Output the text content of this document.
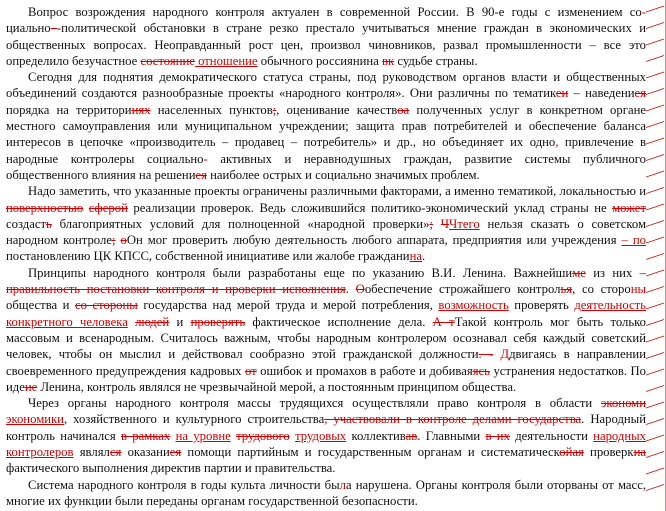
Вопрос возрождения народного контроля актуален в современной России. В 90-е годы с изменением со-циально–-политической обстановки в стране резко престало учитываться мнение граждан в экономических и общественных вопросах. Неоправданный рост цен, произвол чиновников, развал промышленности – все это определило безучастное состояние отношение обычного россиянина вк судьбе страны.

Сегодня для поднятия демократического статуса страны, под руководством органов власти и общественных объединений создаются разнообразные проекты «народного контроля». Они различны по тематикеи – наведениея порядка на территорииях населенных пунктов;, оценивание качествоа полученных услуг в конкретном органе местного самоуправления или муниципальном учреждении; защита прав потребителей и обеспечение баланса интересов в цепочке «производитель – продавец – потребитель» и др., но объединяет их одно, привлечение в народные контролеры социально- активных и неравнодушных граждан, развитие системы публичного общественного влияния на решениея наиболее острых и социально значимых проблем.

Надо заметить, что указанные проекты ограничены различными факторами, а именно тематикой, локальностью и поверхностью сферой реализации проверок. Ведь сложившийся политико-экономический уклад страны не может создасть благоприятных условий для полноценной «народной проверки»; ЧЧтего нельзя сказать о советском народном контроле; оОн мог проверить любую деятельность любого аппарата, предприятия или учреждения – по постановлению ЦК КПСС, собственной инициативе или жалобе гражданина.

Принципы народного контроля были разработаны еще по указанию В.И. Ленина. Важнейшиме из них – правильность постановки контроля и проверки исполнения. Ообеспечение строжайшего контролья, со стороны общества и со стороны государства над мерой труда и мерой потребления, возможность проверять деятельность конкретного человека людей и проверять фактическое исполнение дела. А тТакой контроль мог быть только массовым и всенародным. Считалось важным, чтобы народным контролером осознавал себя каждый советский человек, чтобы он мыслил и действовал сообразно этой гражданской должности. - Ддвигаясь в направлении своевременного предупреждения кадровых от ошибок и промахов в работе и добиваяясь устранения недостатков. По идеие Ленина, контроль являлся не чрезвычайной мерой, а постоянным принципом общества.

Через органы народного контроля массы трудящихся осуществляли право контроля в области экономи экономики, хозяйственного и культурного строительства, участвовали в контроле делами государства. Народный контроль начинался в рамках на уровне трудового трудовых коллективав. Главными в их деятельности народных контролеров являлся оказаниея помощи партийным и государственным органам и систематическойая проверкиа фактического выполнения директив партии и правительства.

Система народного контроля в годы культа личности была нарушена. Органы контроля были оторваны от масс, многие их функции были переданы органам государственной безопасности.
